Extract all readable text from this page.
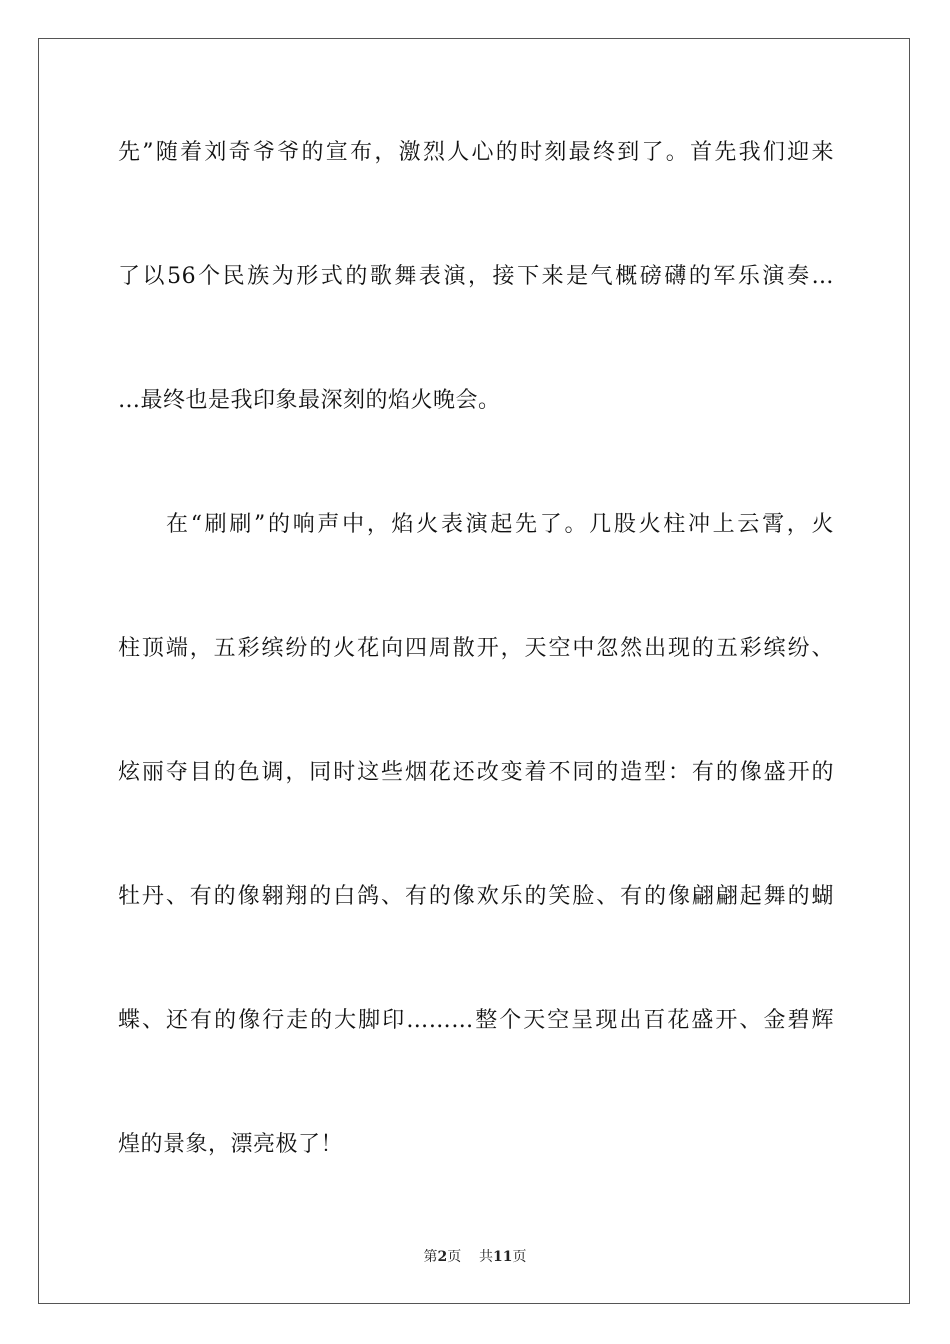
先”随着刘奇爷爷的宣布，激烈人心的时刻最终到了。首先我们迎来
了以56个民族为形式的歌舞表演，接下来是气概磅礴的军乐演奏…
…最终也是我印象最深刻的焰火晚会。
在“刷刷”的响声中，焰火表演起先了。几股火柱冲上云霄，火
柱顶端，五彩缤纷的火花向四周散开，天空中忽然出现的五彩缤纷、
炫丽夺目的色调，同时这些烟花还改变着不同的造型：有的像盛开的
牡丹、有的像翱翔的白鸽、有的像欢乐的笑脸、有的像翩翩起舞的蝴
蝶、还有的像行走的大脚印………整个天空呈现出百花盛开、金碧辉
煌的景象，漂亮极了！
第2页 共11页
